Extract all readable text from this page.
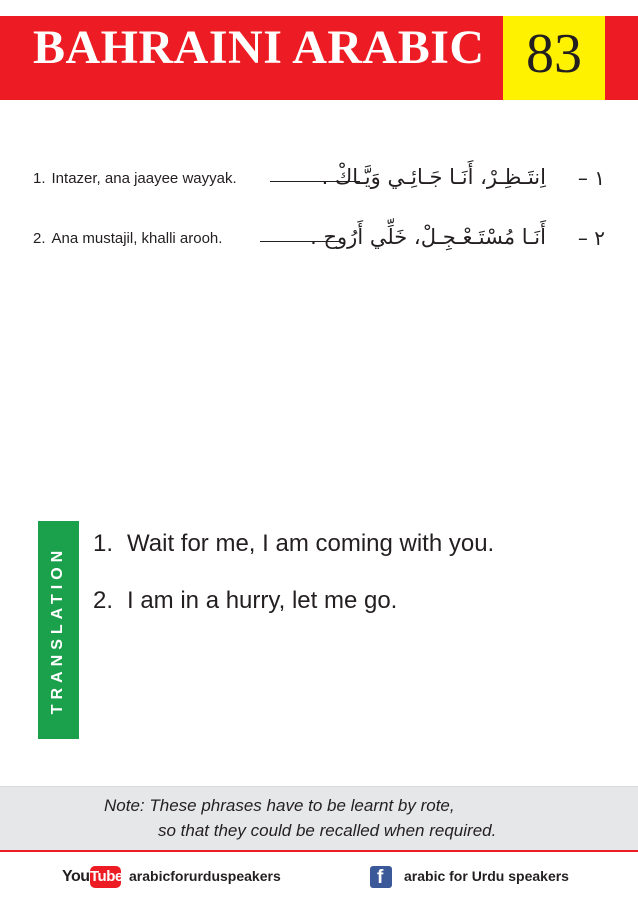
BAHRAINI ARABIC 83
1. Intazer, ana jaayee wayyak.	اِنتَـظِـرْ، أَنَـا جَـائِـي وَيَّـاكْ . ١ –
2. Ana mustajil, khalli arooh.	أَنَـا مُسْتَـعْـجِـلْ، خَلِّي أَرُوح . ٢ –
TRANSLATION
1. Wait for me, I am coming with you.
2. I am in a hurry, let me go.
Note: These phrases have to be learnt by rote,
so that they could be recalled when required.
You Tube arabicforurduspeakers	f arabic for Urdu speakers
